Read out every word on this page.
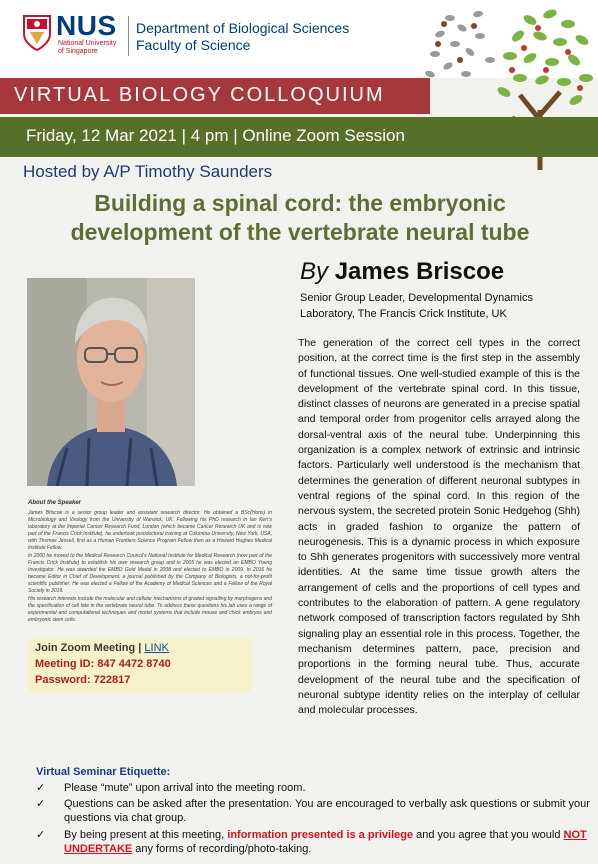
NUS
National University of Singapore
Department of Biological Sciences
Faculty of Science
VIRTUAL BIOLOGY COLLOQUIUM
Friday, 12 Mar 2021 | 4 pm | Online Zoom Session
Hosted by A/P Timothy Saunders
Building a spinal cord: the embryonic
development of the vertebrate neural tube
By James Briscoe
Senior Group Leader, Developmental Dynamics
Laboratory, The Francis Crick Institute, UK
The generation of the correct cell types in the correct position, at the correct time is the first step in the assembly of functional tissues. One well-studied example of this is the development of the vertebrate spinal cord. In this tissue, distinct classes of neurons are generated in a precise spatial and temporal order from progenitor cells arrayed along the dorsal-ventral axis of the neural tube. Underpinning this organization is a complex network of extrinsic and intrinsic factors. Particularly well understood is the mechanism that determines the generation of different neuronal subtypes in ventral regions of the spinal cord. In this region of the nervous system, the secreted protein Sonic Hedgehog (Shh) acts in graded fashion to organize the pattern of neurogenesis. This is a dynamic process in which exposure to Shh generates progenitors with successively more ventral identities. At the same time tissue growth alters the arrangement of cells and the proportions of cell types and contributes to the elaboration of pattern. A gene regulatory network composed of transcription factors regulated by Shh signaling play an essential role in this process. Together, the mechanism determines pattern, pace, precision and proportions in the forming neural tube. Thus, accurate development of the neural tube and the specification of neuronal subtype identity relies on the interplay of cellular and molecular processes.
About the Speaker

James Briscoe is a senior group leader and assistant research director. He obtained a BSc(Hons) in Microbiology and Virology from the University of Warwick, UK. Following his PhD research in Ian Kerr's laboratory at the Imperial Cancer Research Fund, London (which became Cancer Research UK and is now part of the Francis Crick Institute), he undertook postdoctoral training at Columbia University, New York, USA, with Thomas Jessell, first as a Human Frontiers Science Program Fellow then as a Howard Hughes Medical Institute Fellow.

In 2000 he moved to the Medical Research Council's National Institute for Medical Research (now part of the Francis Crick Institute) to establish his own research group and in 2005 he was elected an EMBO Young Investigator. He was awarded the EMBO Gold Medal in 2008 and elected to EMBO in 2009. In 2016 he became Editor in Chief of Development, a journal published by the Company of Biologists, a not-for-profit scientific publisher. He was elected a Fellow of the Academy of Medical Sciences and a Fellow of the Royal Society in 2019.

His research interests include the molecular and cellular mechanisms of graded signalling by morphogens and the specification of cell fate in the vertebrate neural tube. To address these questions his lab uses a range of experimental and computational techniques and model systems that include mouse and chick embryos and embryonic stem cells.

Join Zoom Meeting | LINK
Meeting ID: 847 4472 8740
Password: 722817
Virtual Seminar Etiquette:
✓	Please “mute” upon arrival into the meeting room.
✓	Questions can be asked after the presentation. You are encouraged to verbally ask questions or submit your questions via chat group.
✓	By being present at this meeting, information presented is a privilege and you agree that you would NOT UNDERTAKE any forms of recording/photo-taking.
